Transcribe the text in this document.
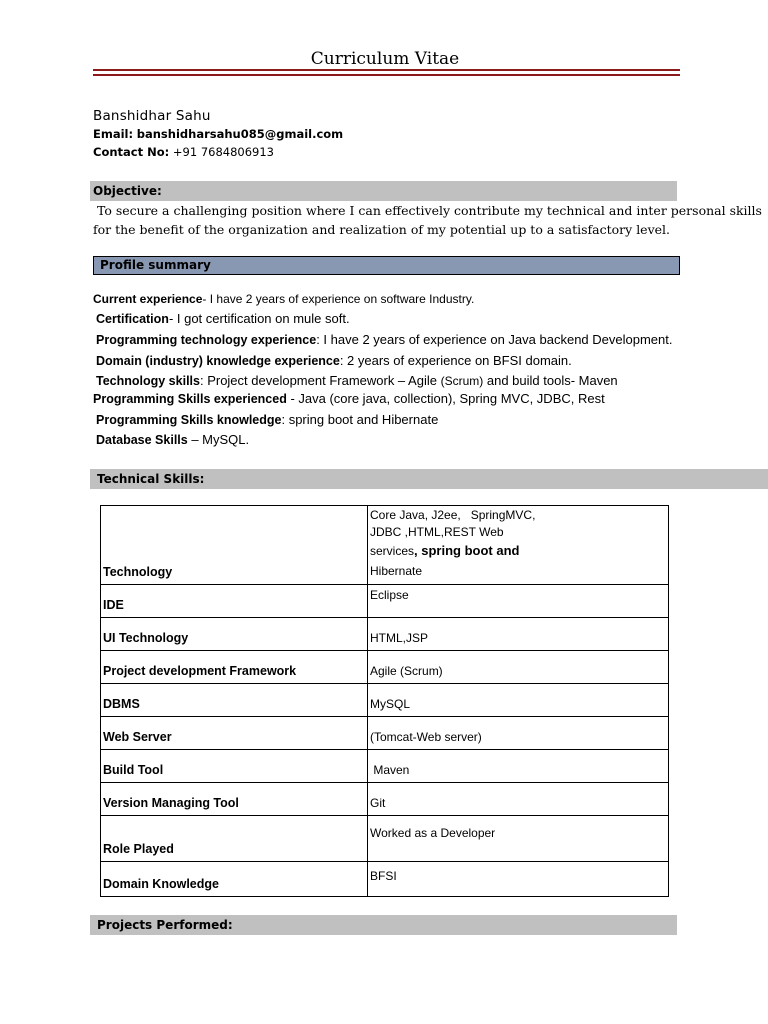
Curriculum Vitae
Banshidhar Sahu
Email: banshidharsahu085@gmail.com
Contact No: +91 7684806913
Objective:
To secure a challenging position where I can effectively contribute my technical and inter personal skills
for the benefit of the organization and realization of my potential up to a satisfactory level.
Profile summary
Current experience- I have 2 years of experience on software Industry.
Certification- I got certification on mule soft.
Programming technology experience: I have 2 years of experience on Java backend Development.
Domain (industry) knowledge experience: 2 years of experience on BFSI domain.
Technology skills: Project development Framework – Agile (Scrum) and build tools- Maven
Programming Skills experienced - Java (core java, collection), Spring MVC, JDBC, Rest
Programming Skills knowledge: spring boot and Hibernate
Database Skills – MySQL.
Technical Skills:
Technology	Core Java, J2ee,   SpringMVC,
JDBC ,HTML,REST Web
services, spring boot and
Hibernate

IDE	Eclipse
UI Technology	HTML,JSP
Project development Framework	Agile (Scrum)
DBMS	MySQL
Web Server	(Tomcat-Web server)
Build Tool	Maven
Version Managing Tool	Git
Role Played	Worked as a Developer
Domain Knowledge	BFSI
Projects Performed:
